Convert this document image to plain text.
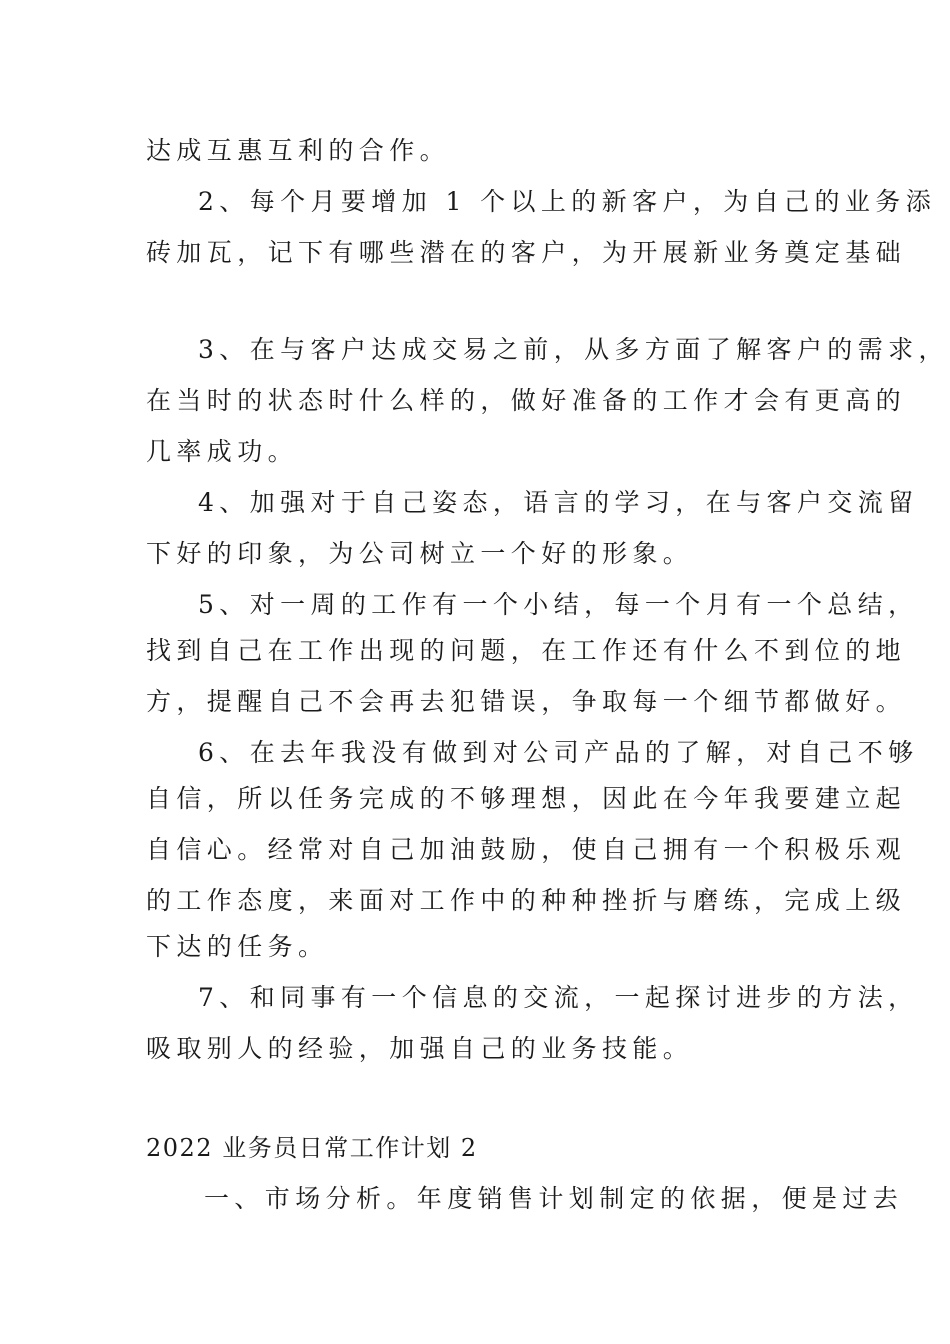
达成互惠互利的合作。
2、每个月要增加 1 个以上的新客户，为自己的业务添
砖加瓦，记下有哪些潜在的客户，为开展新业务奠定基础
3、在与客户达成交易之前，从多方面了解客户的需求，
在当时的状态时什么样的，做好准备的工作才会有更高的
几率成功。
4、加强对于自己姿态，语言的学习，在与客户交流留
下好的印象，为公司树立一个好的形象。
5、对一周的工作有一个小结，每一个月有一个总结，
找到自己在工作出现的问题，在工作还有什么不到位的地
方，提醒自己不会再去犯错误，争取每一个细节都做好。
6、在去年我没有做到对公司产品的了解，对自己不够
自信，所以任务完成的不够理想，因此在今年我要建立起
自信心。经常对自己加油鼓励，使自己拥有一个积极乐观
的工作态度，来面对工作中的种种挫折与磨练，完成上级
下达的任务。
7、和同事有一个信息的交流，一起探讨进步的方法，
吸取别人的经验，加强自己的业务技能。
2022 业务员日常工作计划 2
一、市场分析。年度销售计划制定的依据，便是过去
